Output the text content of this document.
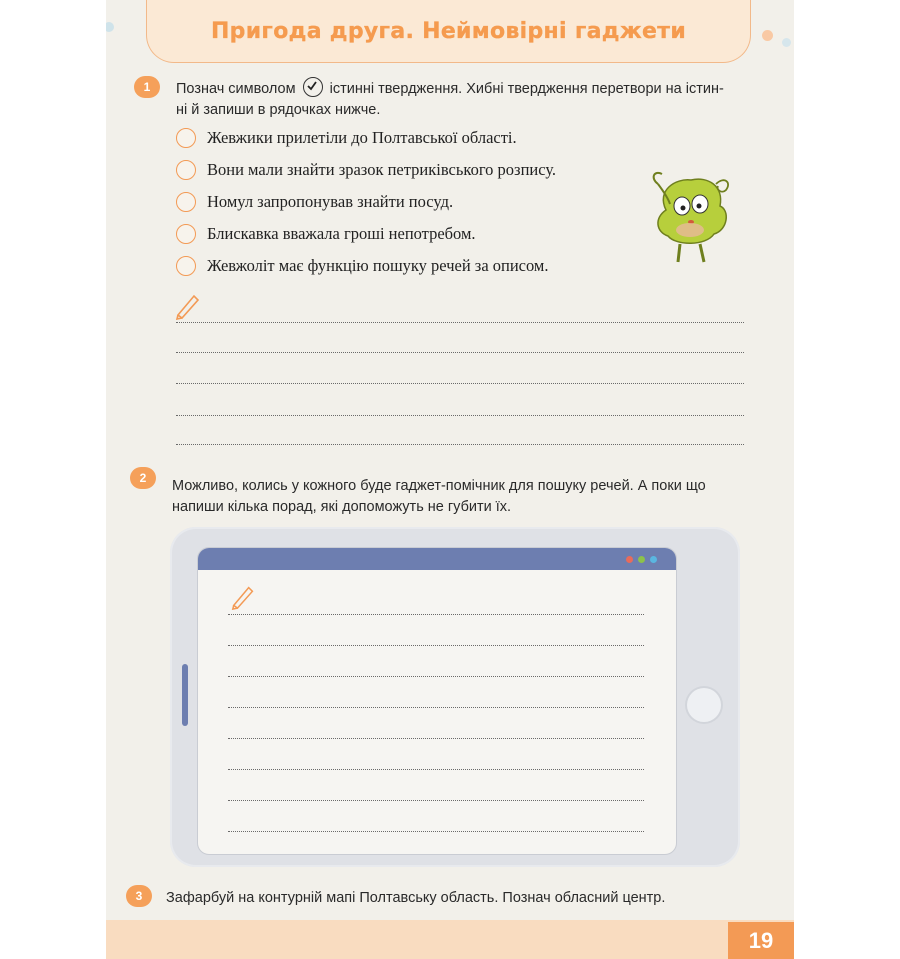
Пригода друга. Неймовірні гаджети
1	Познач символом
істинні твердження. Хибні твердження перетвори на істин-
ні й запиши в рядочках нижче.
Жевжики прилетіли до Полтавської області.
Вони мали знайти зразок петриківського розпису.
Номул запропонував знайти посуд.
Блискавка вважала гроші непотребом.
Жевжоліт має функцію пошуку речей за описом.
2	Можливо, колись у кожного буде гаджет-помічник для пошуку речей. А поки що
напиши кілька порад, які допоможуть не губити їх.
3	Зафарбуй на контурній мапі Полтавську область. Познач обласний центр.
19
